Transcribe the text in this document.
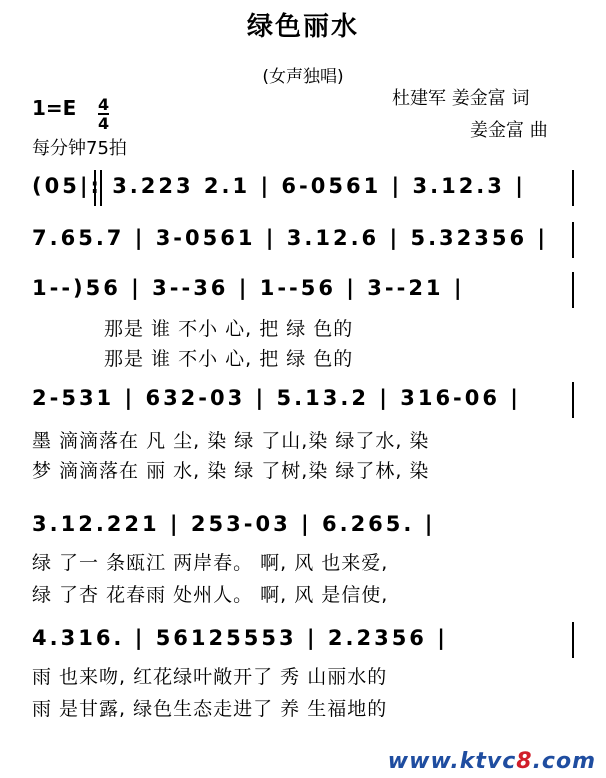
绿色丽水
(女声独唱)
杜建军 姜金富 词
姜金富 曲
1=E 4
4
每分钟75拍
(05|: 3.223 2.1 | 6-0561 | 3.12.3 |
7.65.7 | 3-0561 | 3.12.6 | 5.32356 |
1--)56 | 3--36 | 1--56 | 3--21 |
那是 谁 不小 心, 把 绿 色的
那是 谁 不小 心, 把 绿 色的
2-531 | 632-03 | 5.13.2 | 316-06 |
墨 滴滴落在 凡 尘, 染 绿 了山,染 绿了水, 染
梦 滴滴落在 丽 水, 染 绿 了树,染 绿了林, 染
3.12.221 | 253-03 | 6.265. |
绿 了一 条瓯江 两岸春。 啊, 风 也来爱,
绿 了杏 花春雨 处州人。 啊, 风 是信使,
4.316. | 56125553 | 2.2356 |
雨 也来吻, 红花绿叶敞开了 秀 山丽水的
雨 是甘露, 绿色生态走进了 养 生福地的
www.ktvc8.com
